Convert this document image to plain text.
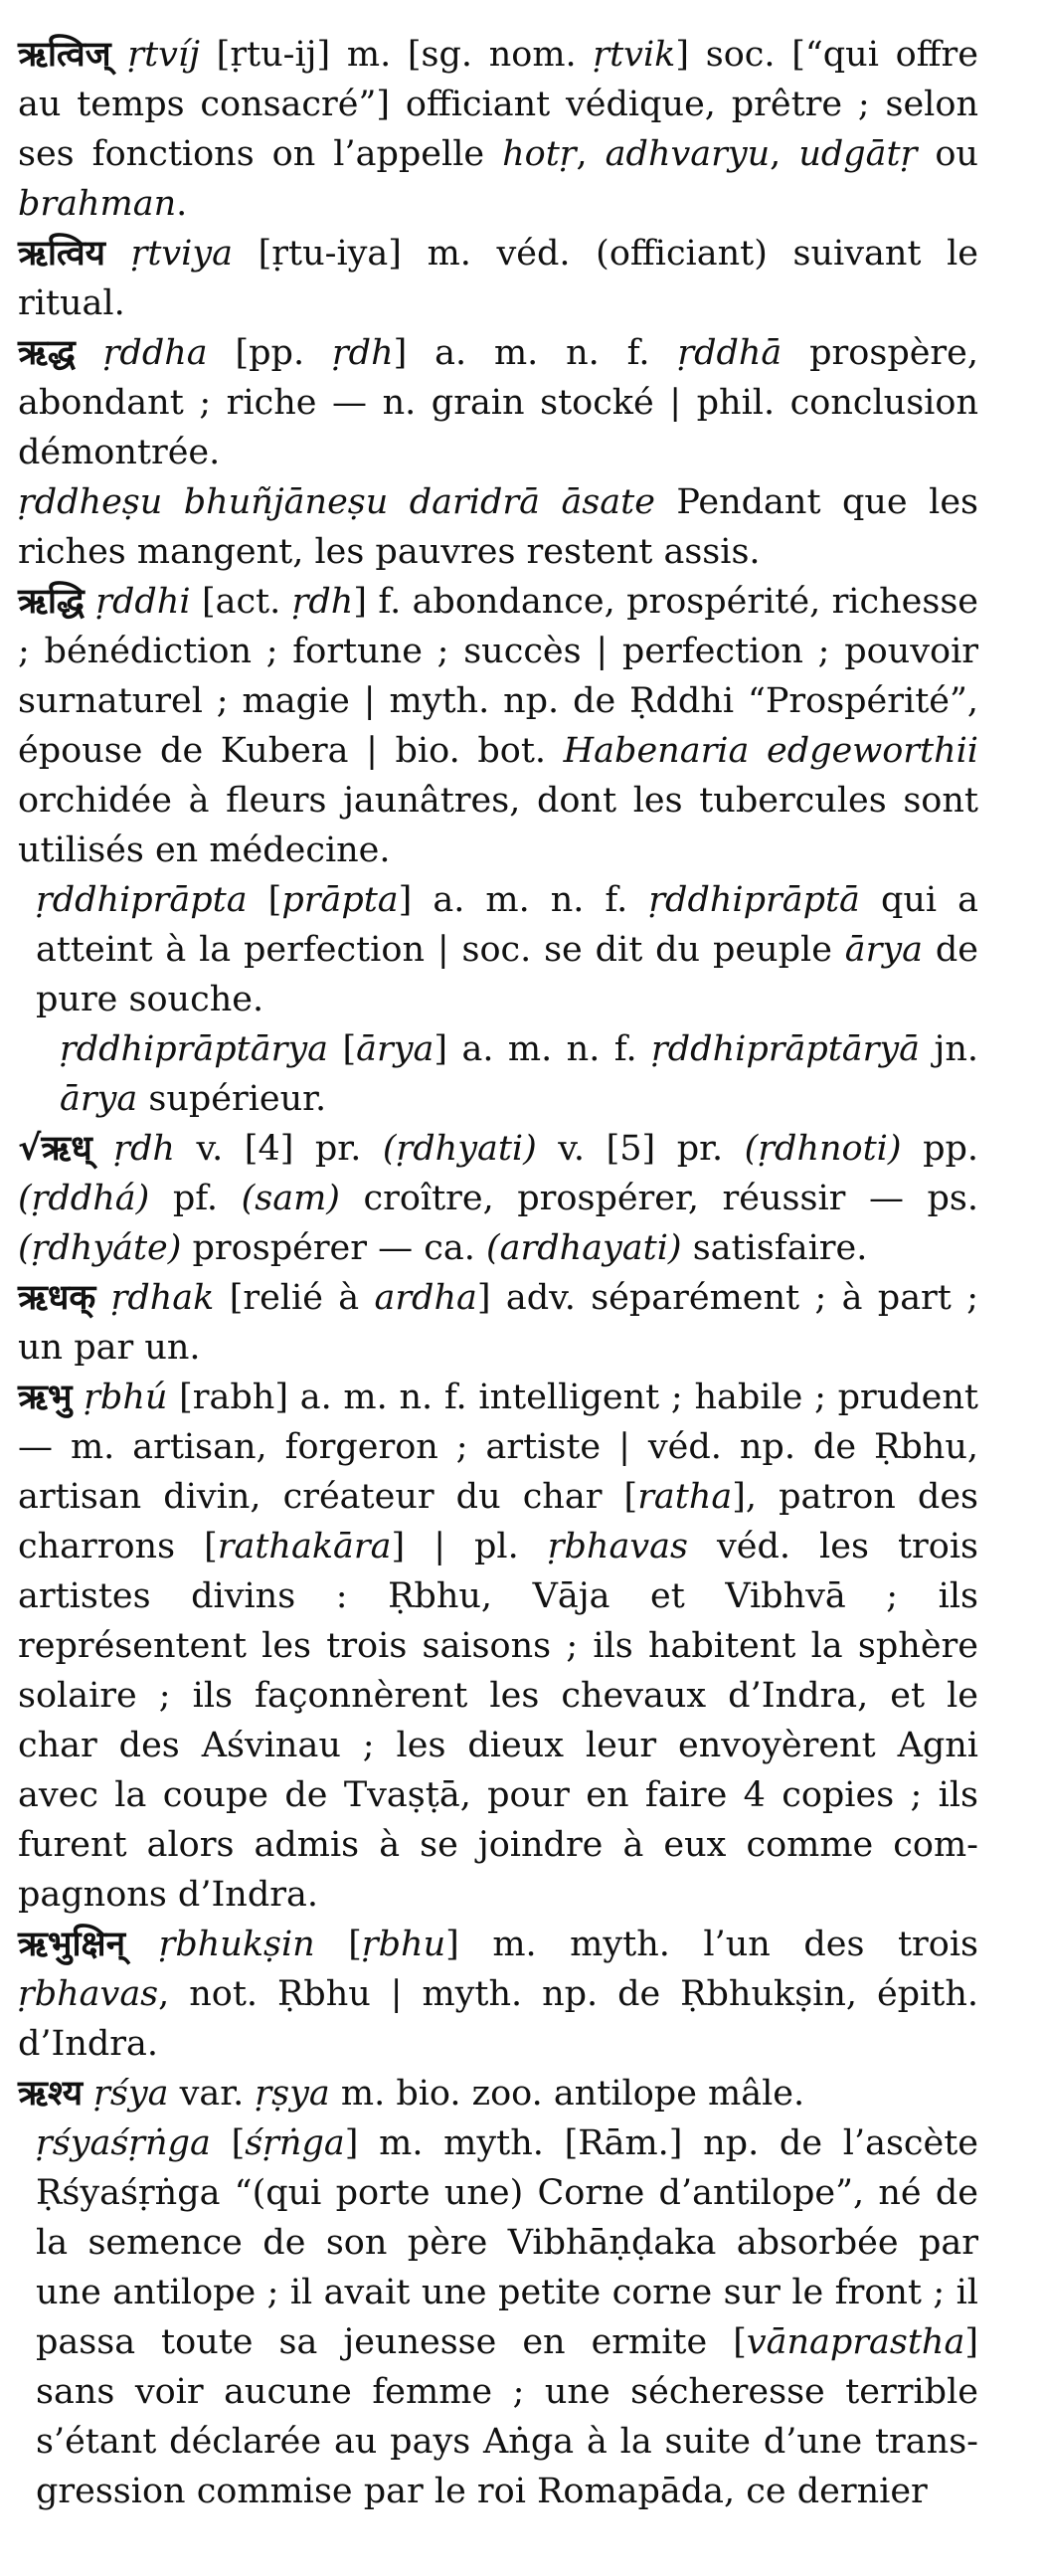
ऋत्विज् ṛtvíj [ṛtu-ij] m. [sg. nom. ṛtvik] soc. [“qui offre au temps consacré”] officiant védique, prêtre ; selon ses fonctions on l’appelle hotṛ, adhvaryu, udgātṛ ou brahman.

ऋत्विय ṛtviya [ṛtu-iya] m. véd. (officiant) suivant le ritual.

ऋद्ध ṛddha [pp. ṛdh] a. m. n. f. ṛddhā prospère, abondant ; riche — n. grain stocké | phil. conclusion démontrée.

ṛddheṣu bhuñjāneṣu daridrā āsate Pendant que les riches mangent, les pauvres restent assis.

ऋद्धि ṛddhi [act. ṛdh] f. abondance, prospérité, richesse ; bénédiction ; fortune ; succès | perfection ; pouvoir surnaturel ; magie | myth. np. de Ṛddhi “Prospérité”, épouse de Kubera | bio. bot. Habenaria edgeworthii orchidée à fleurs jaunâtres, dont les tubercules sont utilisés en médecine.

ṛddhiprāpta [prāpta] a. m. n. f. ṛddhiprāptā qui a atteint à la perfection | soc. se dit du peuple ārya de pure souche.

ṛddhiprāptārya [ārya] a. m. n. f. ṛddhiprāptāryā jn. ārya supérieur.

√ऋध् ṛdh v. [4] pr. (ṛdhyati) v. [5] pr. (ṛdhnoti) pp. (ṛddhá) pf. (sam) croître, prospérer, réussir — ps. (ṛdhyáte) prospérer — ca. (ardhayati) satisfaire.

ऋधक् ṛdhak [relié à ardha] adv. séparément ; à part ; un par un.

ऋभु ṛbhú [rabh] a. m. n. f. intelligent ; habile ; prudent — m. artisan, forgeron ; artiste | véd. np. de Ṛbhu, artisan divin, créateur du char [ratha], patron des charrons [rathakāra] | pl. ṛbhavas véd. les trois artistes divins : Ṛbhu, Vāja et Vibhvā ; ils représentent les trois saisons ; ils habitent la sphère solaire ; ils façonnèrent les chevaux d’Indra, et le char des Aśvinau ; les dieux leur envoyèrent Agni avec la coupe de Tvaṣṭā, pour en faire 4 copies ; ils furent alors admis à se joindre à eux comme compagnons d’Indra.

ऋभुक्षिन् ṛbhukṣin [ṛbhu] m. myth. l’un des trois ṛbhavas, not. Ṛbhu | myth. np. de Ṛbhukṣin, épith. d’Indra.

ऋश्य ṛśya var. ṛṣya m. bio. zoo. antilope mâle.

ṛśyaśṛṅga [śṛṅga] m. myth. [Rām.] np. de l’ascète Ṛśyaśṛṅga “(qui porte une) Corne d’antilope”, né de la semence de son père Vibhāṇḍaka absorbée par une antilope ; il avait une petite corne sur le front ; il passa toute sa jeunesse en ermite [vānaprastha] sans voir aucune femme ; une sécheresse terrible s’étant déclarée au pays Aṅga à la suite d’une transgression commise par le roi Romapāda, ce dernier
